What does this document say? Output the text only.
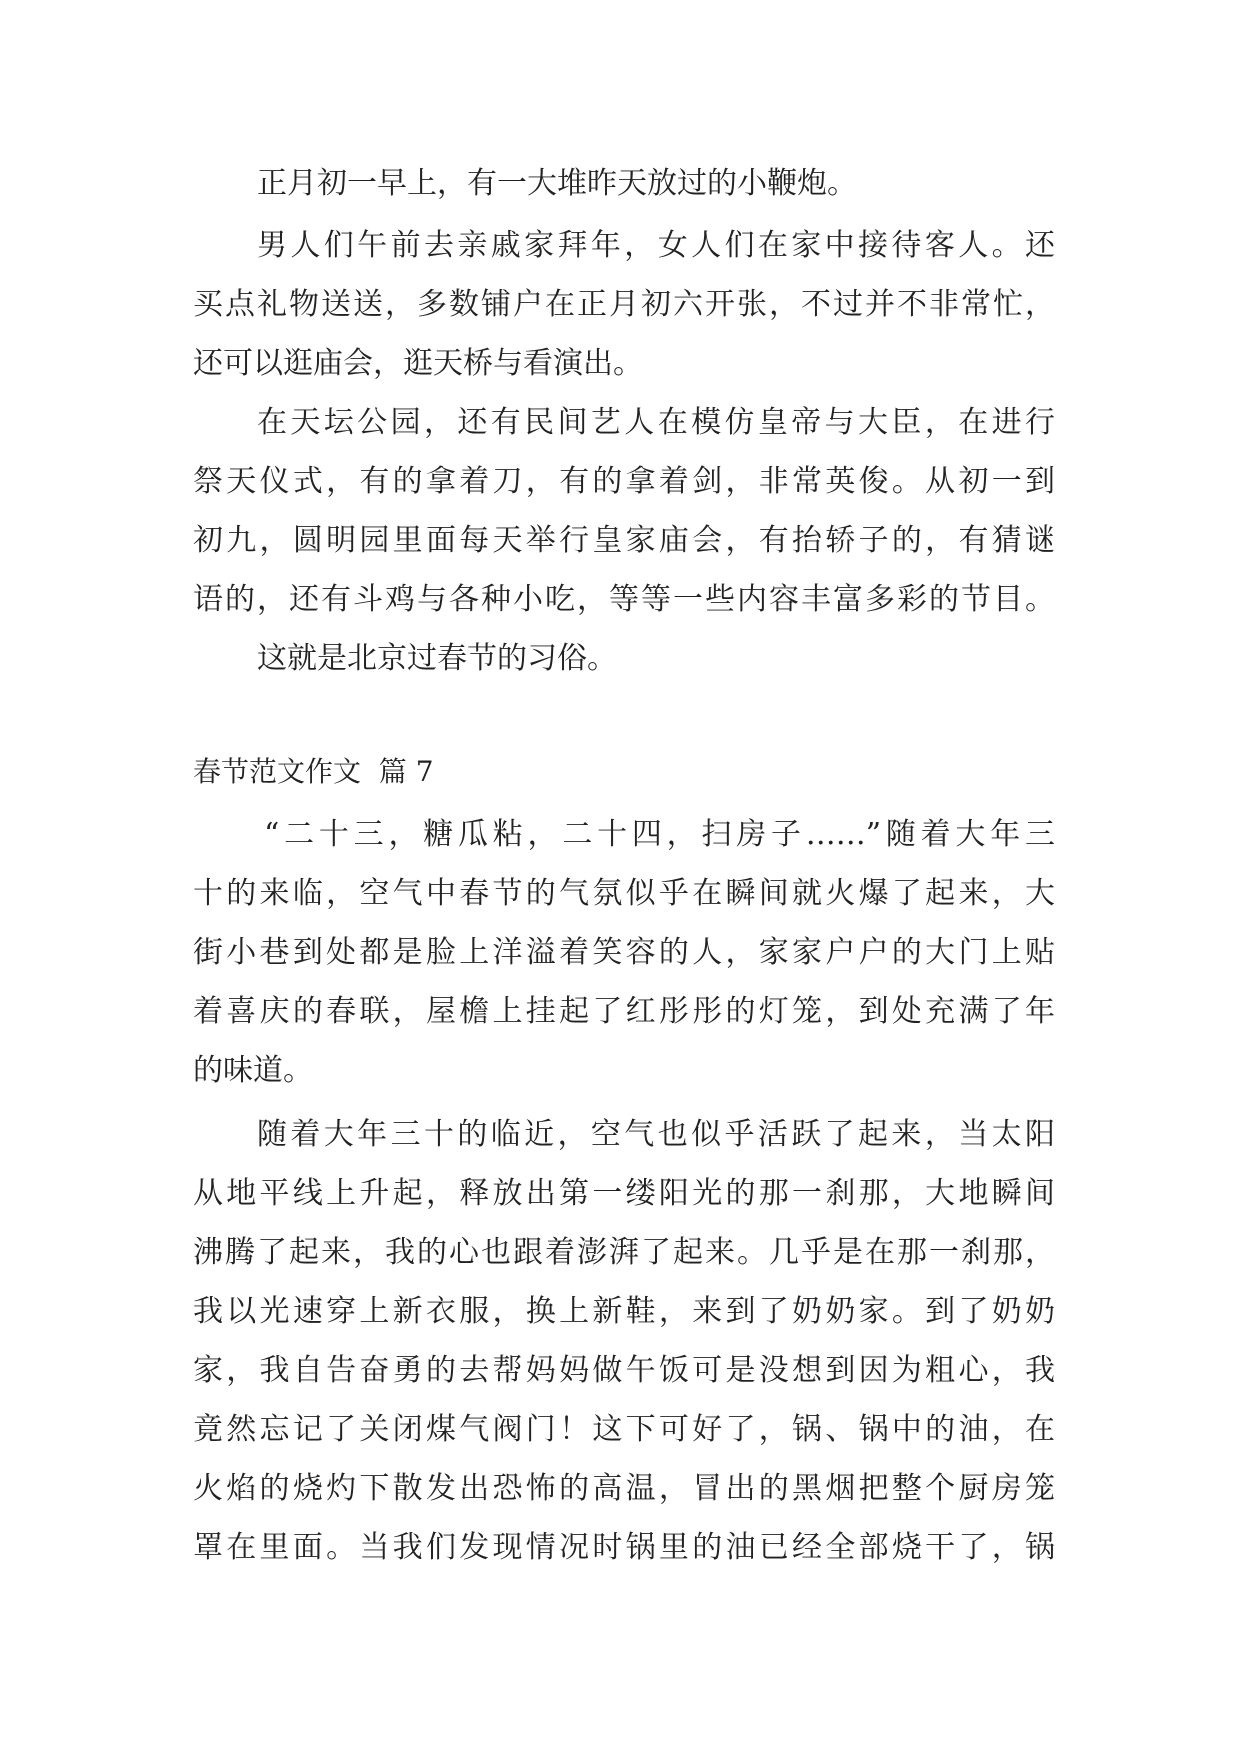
正月初一早上，有一大堆昨天放过的小鞭炮。
男人们午前去亲戚家拜年，女人们在家中接待客人。还
买点礼物送送，多数铺户在正月初六开张，不过并不非常忙，
还可以逛庙会，逛天桥与看演出。
在天坛公园，还有民间艺人在模仿皇帝与大臣，在进行
祭天仪式，有的拿着刀，有的拿着剑，非常英俊。从初一到
初九，圆明园里面每天举行皇家庙会，有抬轿子的，有猜谜
语的，还有斗鸡与各种小吃，等等一些内容丰富多彩的节目。
这就是北京过春节的习俗。
春节范文作文  篇 7
“二十三，糖瓜粘，二十四，扫房子……”随着大年三
十的来临，空气中春节的气氛似乎在瞬间就火爆了起来，大
街小巷到处都是脸上洋溢着笑容的人，家家户户的大门上贴
着喜庆的春联，屋檐上挂起了红彤彤的灯笼，到处充满了年
的味道。
随着大年三十的临近，空气也似乎活跃了起来，当太阳
从地平线上升起，释放出第一缕阳光的那一刹那，大地瞬间
沸腾了起来，我的心也跟着澎湃了起来。几乎是在那一刹那，
我以光速穿上新衣服，换上新鞋，来到了奶奶家。到了奶奶
家，我自告奋勇的去帮妈妈做午饭可是没想到因为粗心，我
竟然忘记了关闭煤气阀门！这下可好了，锅、锅中的油，在
火焰的烧灼下散发出恐怖的高温，冒出的黑烟把整个厨房笼
罩在里面。当我们发现情况时锅里的油已经全部烧干了，锅
